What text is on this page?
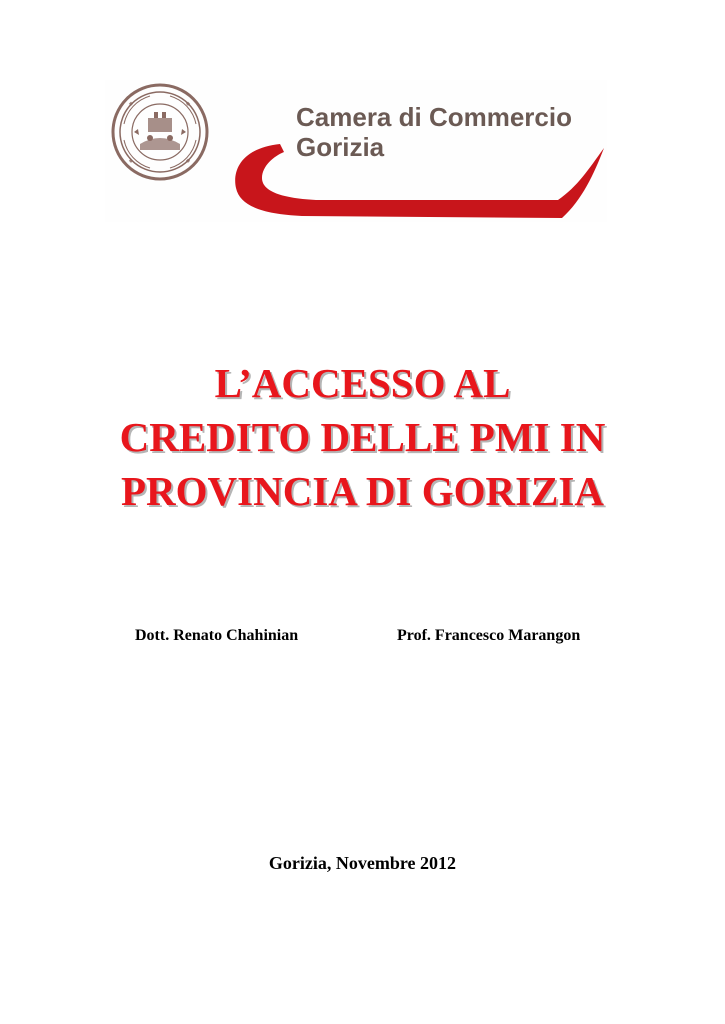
Camera di Commercio
Gorizia
L’ACCESSO AL
CREDITO DELLE PMI IN
PROVINCIA DI GORIZIA
Dott. Renato Chahinian	Prof. Francesco Marangon
Gorizia, Novembre 2012
